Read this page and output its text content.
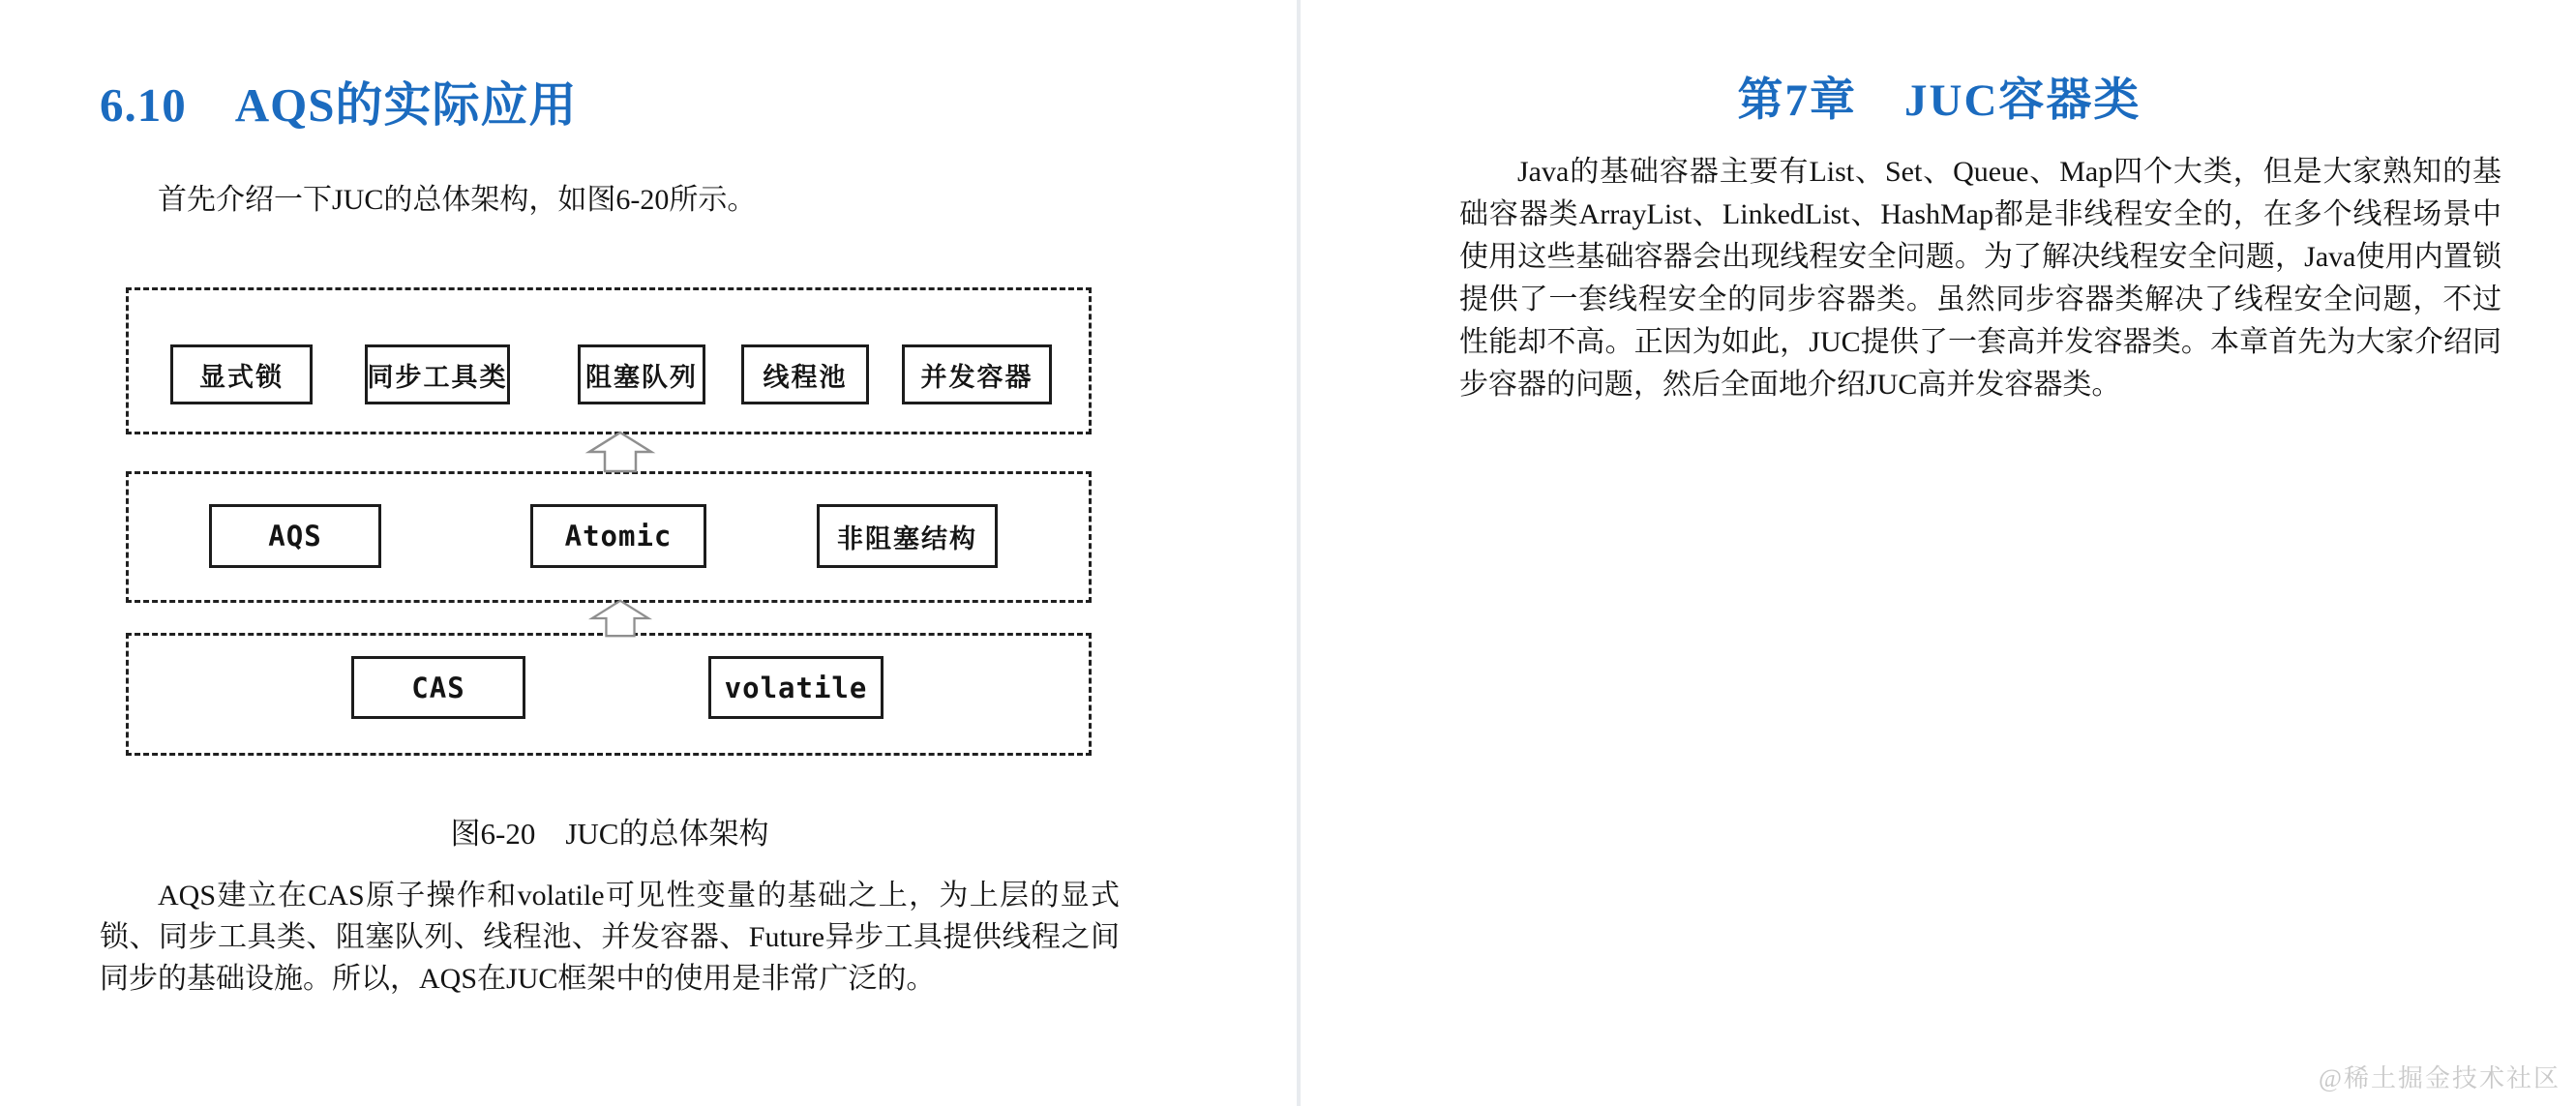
6.10　AQS的实际应用

首先介绍一下JUC的总体架构，如图6-20所示。

显式锁	同步工具类	阻塞队列	线程池	并发容器
AQS	Atomic	非阻塞结构
CAS	volatile

图6-20　JUC的总体架构

AQS建立在CAS原子操作和volatile可见性变量的基础之上，为上层的显式锁、同步工具类、阻塞队列、线程池、并发容器、Future异步工具提供线程之间同步的基础设施。所以，AQS在JUC框架中的使用是非常广泛的。

第7章　JUC容器类

Java的基础容器主要有List、Set、Queue、Map四个大类，但是大家熟知的基础容器类ArrayList、LinkedList、HashMap都是非线程安全的，在多个线程场景中使用这些基础容器会出现线程安全问题。为了解决线程安全问题，Java使用内置锁提供了一套线程安全的同步容器类。虽然同步容器类解决了线程安全问题，不过性能却不高。正因为如此，JUC提供了一套高并发容器类。本章首先为大家介绍同步容器的问题，然后全面地介绍JUC高并发容器类。

@稀土掘金技术社区
